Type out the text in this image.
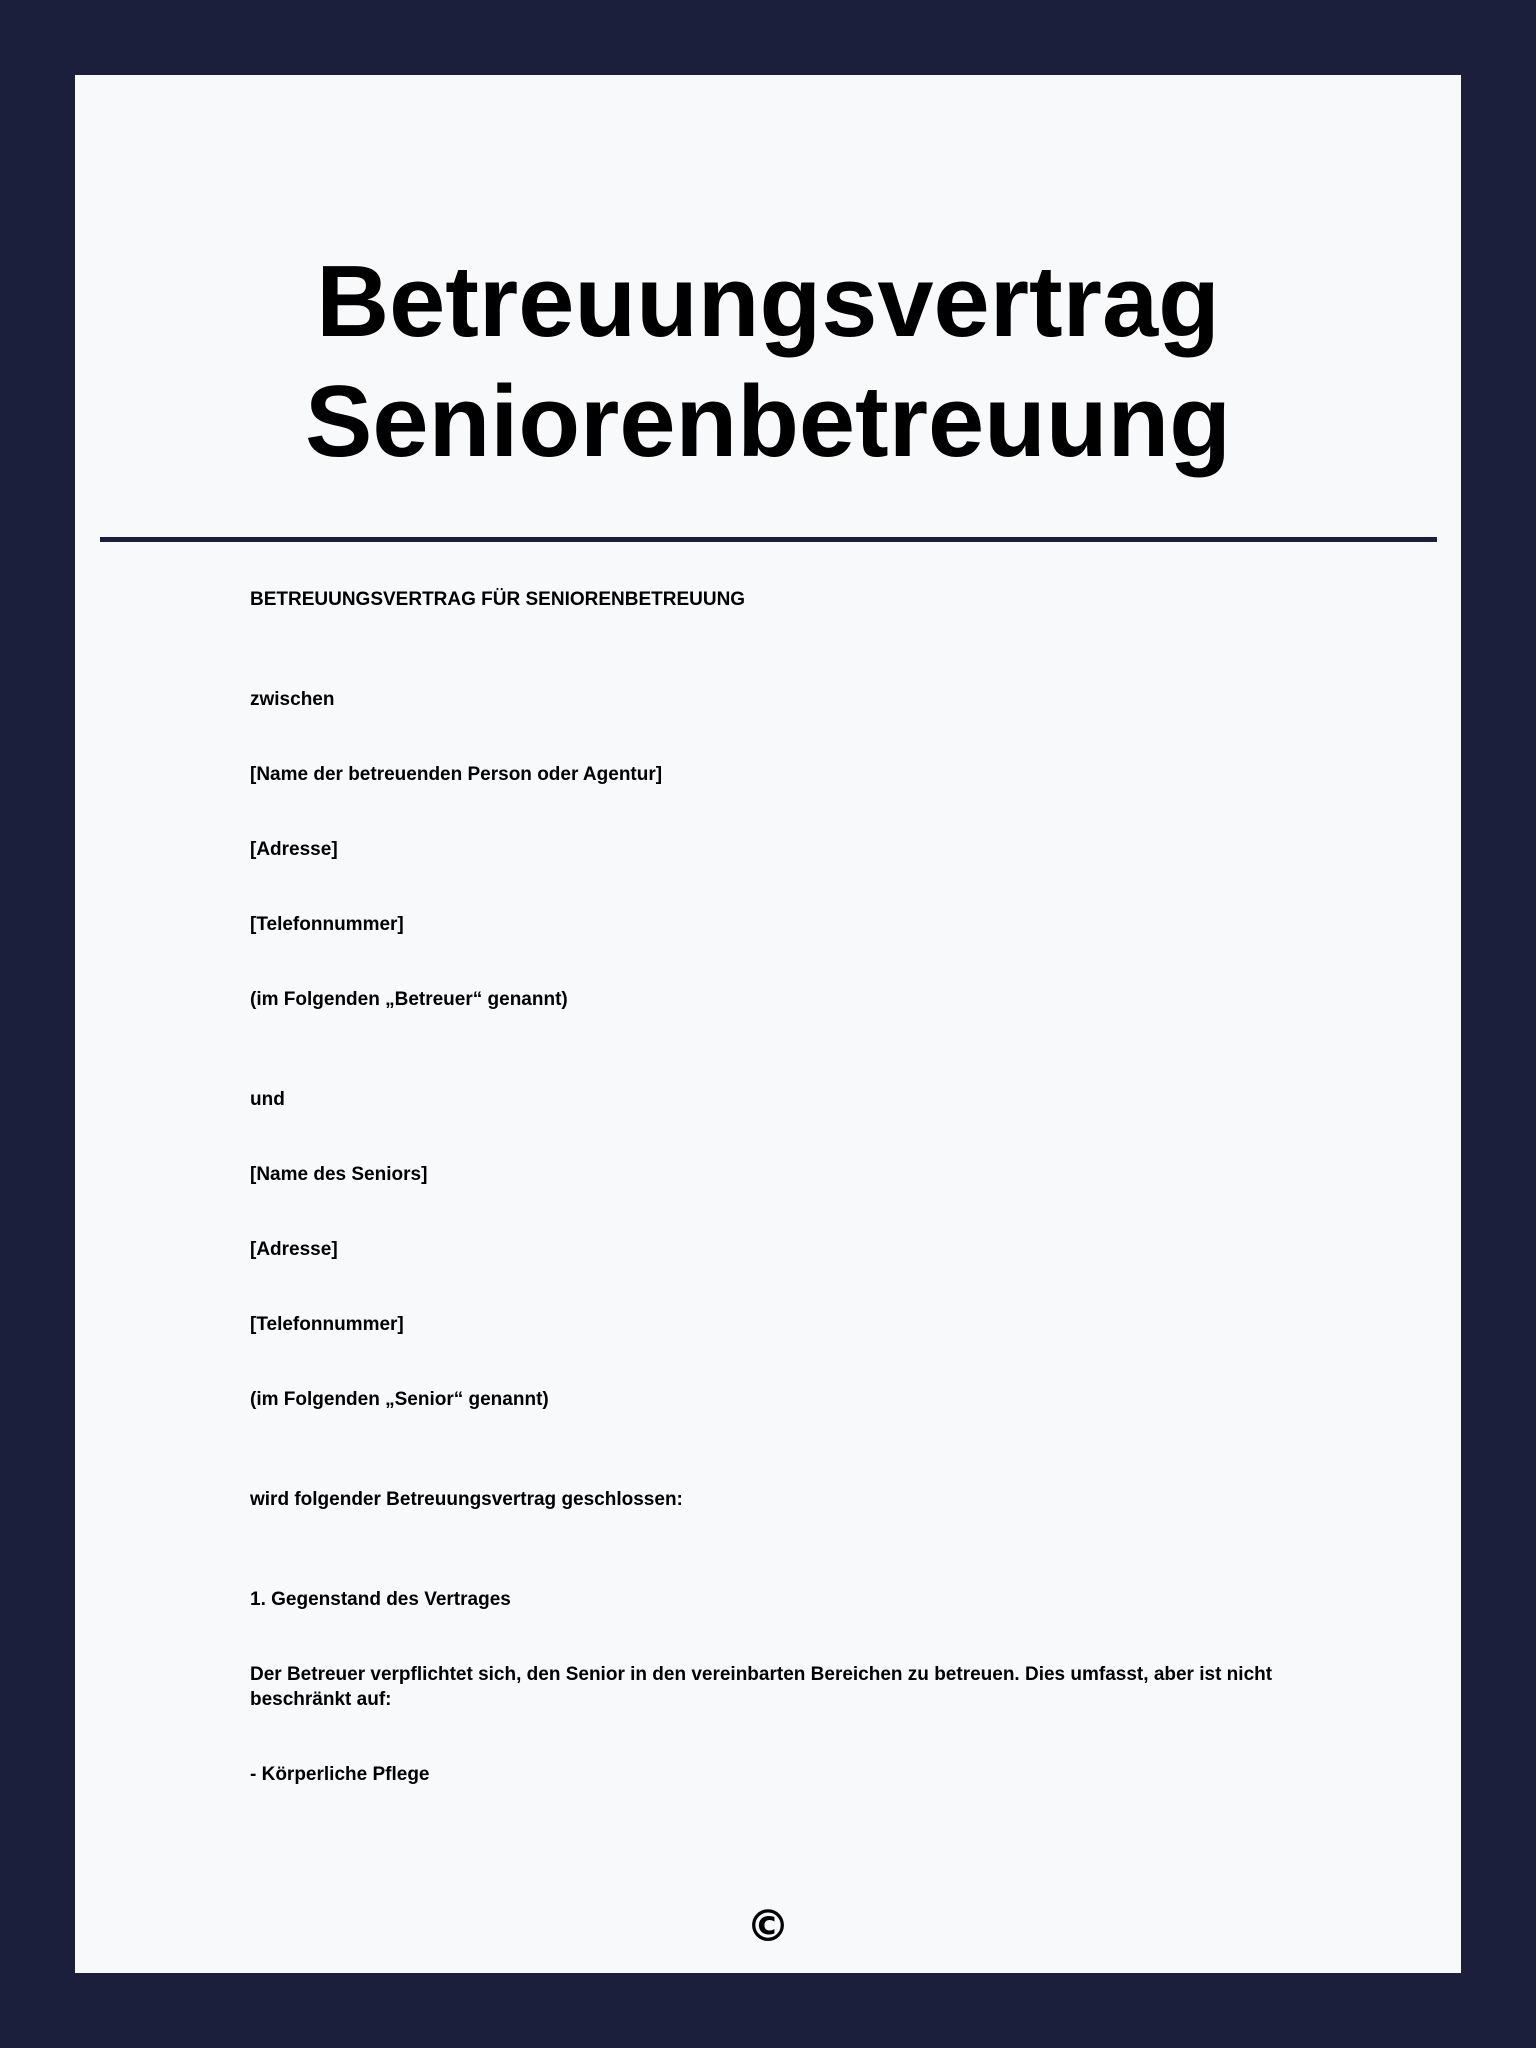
Betreuungsvertrag
Seniorenbetreuung

BETREUUNGSVERTRAG FÜR SENIORENBETREUUNG

zwischen

[Name der betreuenden Person oder Agentur]

[Adresse]

[Telefonnummer]

(im Folgenden „Betreuer“ genannt)

und

[Name des Seniors]

[Adresse]

[Telefonnummer]

(im Folgenden „Senior“ genannt)

wird folgender Betreuungsvertrag geschlossen:

1. Gegenstand des Vertrages

Der Betreuer verpflichtet sich, den Senior in den vereinbarten Bereichen zu betreuen. Dies umfasst, aber ist nicht beschränkt auf:

- Körperliche Pflege

©
